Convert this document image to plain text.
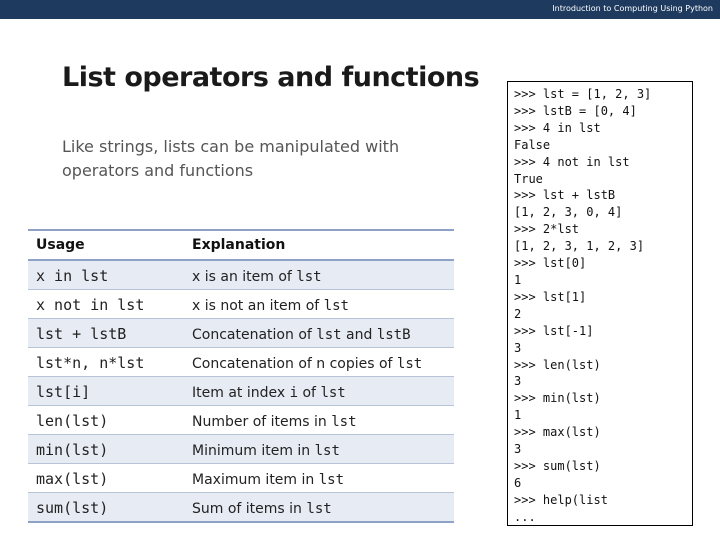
Introduction to Computing Using Python
List operators and functions
Like strings, lists can be manipulated with operators and functions
Usage	Explanation
x in lst	x is an item of lst
x not in lst	x is not an item of lst
lst + lstB	Concatenation of lst and lstB
lst*n, n*lst	Concatenation of n copies of lst
lst[i]	Item at index i of lst
len(lst)	Number of items in lst
min(lst)	Minimum item in lst
max(lst)	Maximum item in lst
sum(lst)	Sum of items in lst
>>> lst = [1, 2, 3]
>>> lstB = [0, 4]
>>> 4 in lst
False
>>> 4 not in lst
True
>>> lst + lstB
[1, 2, 3, 0, 4]
>>> 2*lst
[1, 2, 3, 1, 2, 3]
>>> lst[0]
1
>>> lst[1]
2
>>> lst[-1]
3
>>> len(lst)
3
>>> min(lst)
1
>>> max(lst)
3
>>> sum(lst)
6
>>> help(list
...
